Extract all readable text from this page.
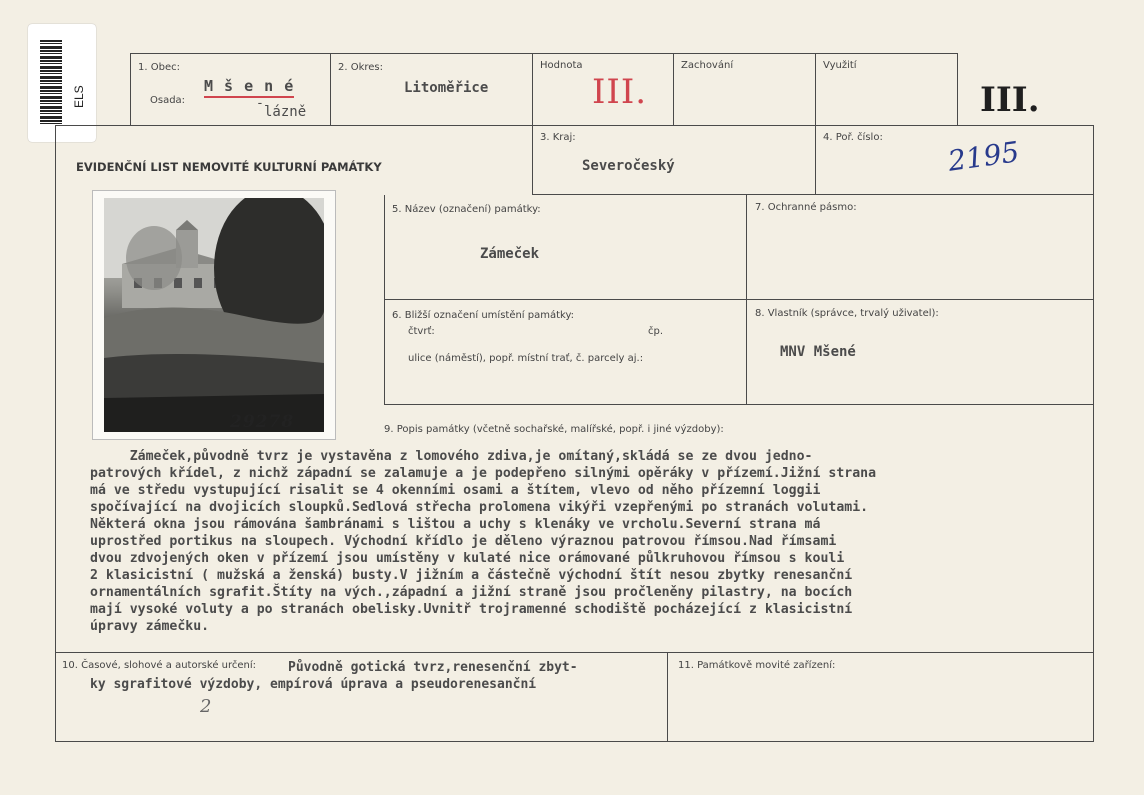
ELS
1. Obec:
Osada:
M š e n é
-
lázně
2. Okres:
Litoměřice
Hodnota
III.
Zachování	Využití
III.
EVIDENČNÍ LIST NEMOVITÉ KULTURNÍ PAMÁTKY
3. Kraj:
Severočeský
4. Poř. číslo: 2195
29278
5. Název (označení) památky:
Zámeček
7. Ochranné pásmo:
6. Bližší označení umístění památky:
čtvrť:	čp.
ulice (náměstí), popř. místní trať, č. parcely aj.:
8. Vlastník (správce, trvalý uživatel):
MNV Mšené
9. Popis památky (včetně sochařské, malířské, popř. i jiné výzdoby):
Zámeček,původně tvrz je vystavěna z lomového zdiva,je omítaný,skládá se ze dvou jedno-
patrových křídel, z nichž západní se zalamuje a je podepřeno silnými opěráky v přízemí.Jižní strana
má ve středu vystupující risalit se 4 okenními osami a štítem, vlevo od něho přízemní loggii
spočívající na dvojicích sloupků.Sedlová střecha prolomena vikýři vzepřenými po stranách volutami.
Některá okna jsou rámována šambránami s lištou a uchy s klenáky ve vrcholu.Severní strana má
uprostřed portikus na sloupech. Východní křídlo je děleno výraznou patrovou římsou.Nad římsami
dvou zdvojených oken v přízemí jsou umístěny v kulaté nice orámované půlkruhovou římsou s kouli
2 klasicistní ( mužská a ženská) busty.V jižním a částečně východní štít nesou zbytky renesanční
ornamentálních sgrafit.Štíty na vých.,západní a jižní straně jsou pročleněny pilastry, na bocích
mají vysoké voluty a po stranách obelisky.Uvnitř trojramenné schodiště pocházející z klasicistní
úpravy zámečku.
10. Časové, slohové a autorské určení: Původně gotická tvrz,renesenční zbyt-
ky sgrafitové výzdoby, empírová úprava a pseudorenesanční
2
11. Památkově movité zařízení:
